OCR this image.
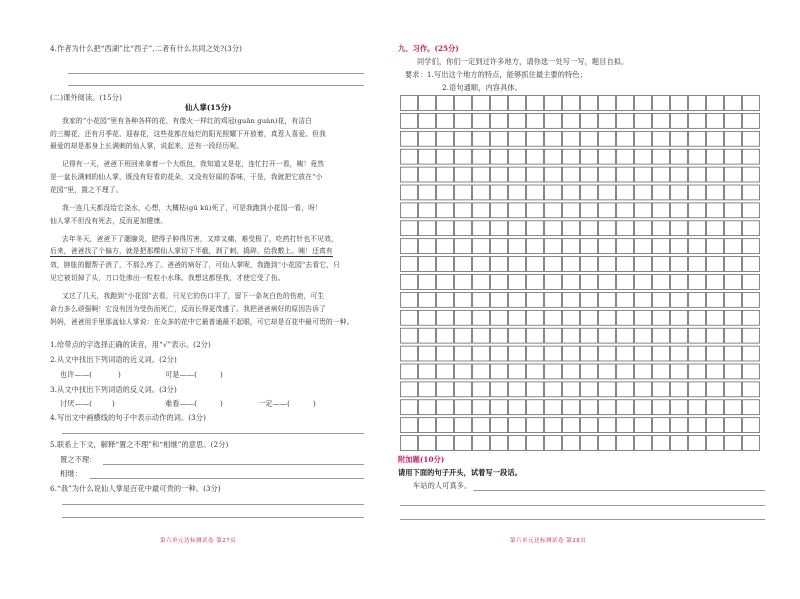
4.作者为什么把“西湖”比“西子”,二者有什么共同之处?(3分)
(二)课外阅读。(15分)
仙人掌(15分)
我家的“小花园”里有各种各样的花，有像火一样红的鸡冠(guān guàn)花，有洁白
的三瓣花，还有月季花、迎春花，这些花都在灿烂的阳光照耀下开放着，真惹人喜爱。但我
最爱的却是那身上长满刺的仙人掌，说起来，还有一段经历呢。
记得有一天，爸爸下班回来拿着一个大纸包，我知道又是花，连忙打开一看，咦！竟然
是一盆长满刺的仙人掌，既没有好看的花朵，又没有好闻的香味，于是，我就把它放在“小
花园”里，置之不理了。
我一连几天都没给它浇水，心想，大概枯(gū kū)死了，可是我跑到小花园一看，呀！
仙人掌不但没有死去，反而更加健康。
去年冬天，爸爸下了腮腺炎，肥得子肿得厉害，又痒又痛，难受极了，吃药打针也不见效，
后来，爸爸找了个偏方，就是把那棵仙人掌切下半截，剥了刺，捣碎，给我敷上。咦！还真有
效，肿胀的腮帮子消了，不那么疼了。爸爸的病好了，可仙人掌呢，我跑到“小花园”去看它，只
见它被切掉了头，刀口处渗出一粒粒小水珠。我想这都怪我，才使它受了伤。
又过了几天，我跑到“小花园”去看，只见它的伤口平了，留下一条灰白色的伤疤，可生
命力多么顽强啊！它没有因为受伤而死亡，反而长得更茂盛了。我把爸爸病好的原因告诉了
妈妈，爸爸用手里那盆仙人掌说：在众多的花中它最普通最不起眼，可它却是百花中最可贵的一种。
1.给带点的字选择正确的读音，用“√”表示。(2分)
2.从文中找出下列词语的近义词。(2分)
也许——(	)	可是——(	)
3.从文中找出下列词语的反义词。(3分)
讨厌——(	)	难看——(	)	一定——(	)
4.写出文中画横线的句子中表示动作的词。(3分)
5.联系上下文，解释“置之不理”和“相继”的意思。(2分)
置之不理：
相继：
6.“我”为什么说仙人掌是百花中最可贵的一种。(3分)
第六单元达标测试卷 第27页
九、习作。(25分)
同学们，你们一定到过许多地方，请你选一处写一写，题目自拟。
要求：1.写出这个地方的特点，能够抓住最主要的特色；
2.语句通顺，内容具体。
附加题(10分)
请用下面的句子开头，试着写一段话。
车站的人可真多。
第六单元达标测试卷 第28页
